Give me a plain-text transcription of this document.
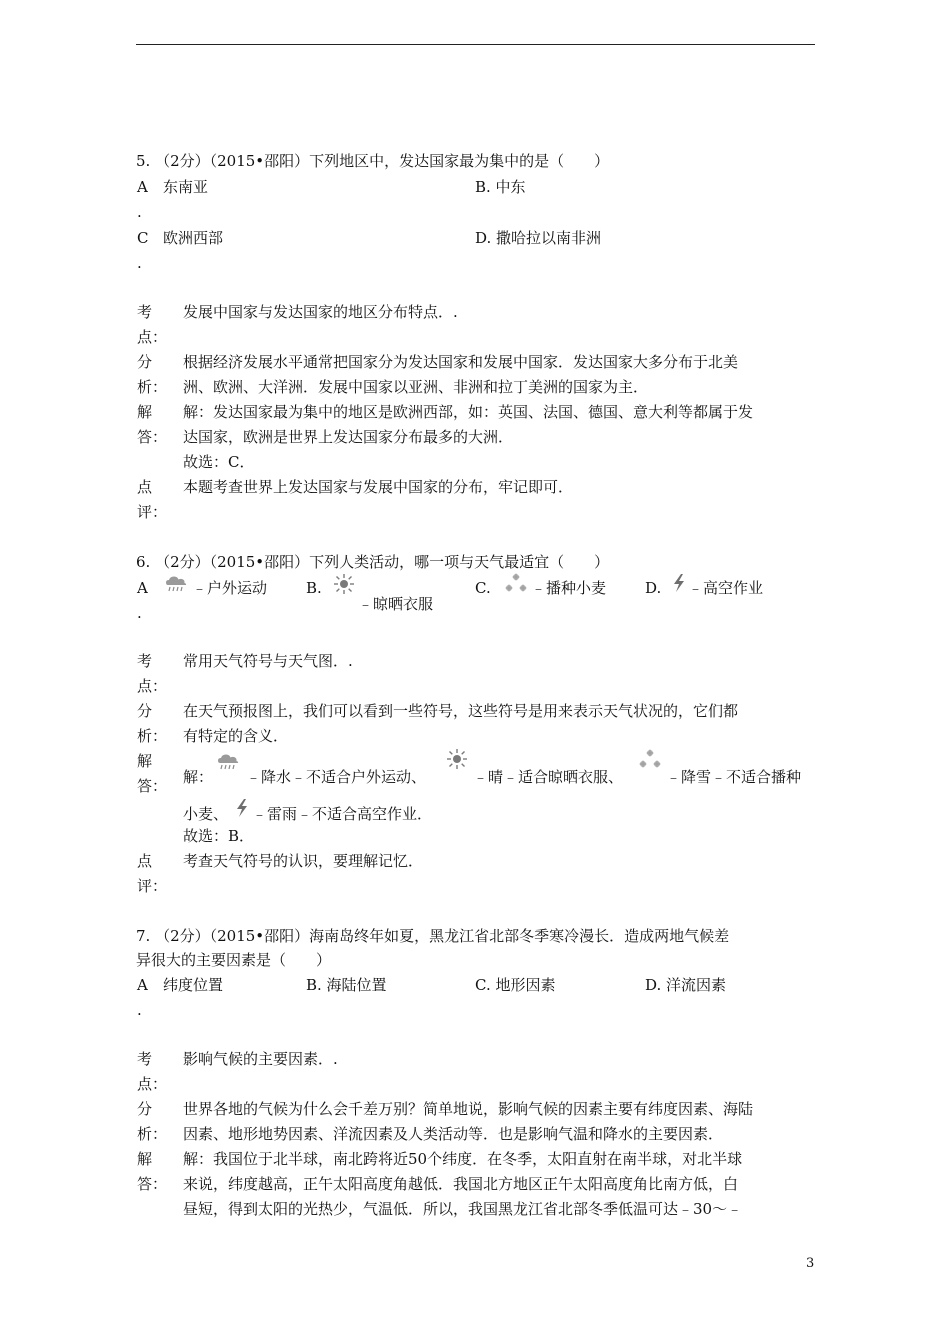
5. （2分）（2015•邵阳）下列地区中，发达国家最为集中的是（　　）
A 东南亚	B. 中东
.
C 欧洲西部	D. 撒哈拉以南非洲
.
考
点：
发展中国家与发达国家的地区分布特点．.
分
析：
根据经济发展水平通常把国家分为发达国家和发展中国家．发达国家大多分布于北美
洲、欧洲、大洋洲．发展中国家以亚洲、非洲和拉丁美洲的国家为主．
解
答：
解：发达国家最为集中的地区是欧洲西部，如：英国、法国、德国、意大利等都属于发
达国家，欧洲是世界上发达国家分布最多的大洲．
故选：C．
点
评：
本题考查世界上发达国家与发展中国家的分布，牢记即可．
6. （2分）（2015•邵阳）下列人类活动，哪一项与天气最适宜（　　）
A	﹣户外运动	B.
﹣晾晒衣服
C.	﹣播种小麦	D. ﹣高空作业
.
考
点：
常用天气符号与天气图．.
分
析：
在天气预报图上，我们可以看到一些符号，这些符号是用来表示天气状况的，它们都
有特定的含义．
解
答： 解： ﹣降水﹣不适合户外运动、	﹣晴﹣适合晾晒衣服、	﹣降雪﹣不适合播种
小麦、 ﹣雷雨﹣不适合高空作业．
故选：B．
点
评：
考查天气符号的认识，要理解记忆．
7. （2分）（2015•邵阳）海南岛终年如夏，黑龙江省北部冬季寒冷漫长．造成两地气候差
异很大的主要因素是（　　）
A 纬度位置	B. 海陆位置	C. 地形因素	D. 洋流因素
.
考
点：
影响气候的主要因素．.
分
析：
世界各地的气候为什么会千差万别？简单地说，影响气候的因素主要有纬度因素、海陆
因素、地形地势因素、洋流因素及人类活动等．也是影响气温和降水的主要因素．
解
答：
解：我国位于北半球，南北跨将近50个纬度．在冬季，太阳直射在南半球，对北半球
来说，纬度越高，正午太阳高度角越低．我国北方地区正午太阳高度角比南方低，白
昼短，得到太阳的光热少，气温低．所以，我国黑龙江省北部冬季低温可达﹣30～﹣
3
